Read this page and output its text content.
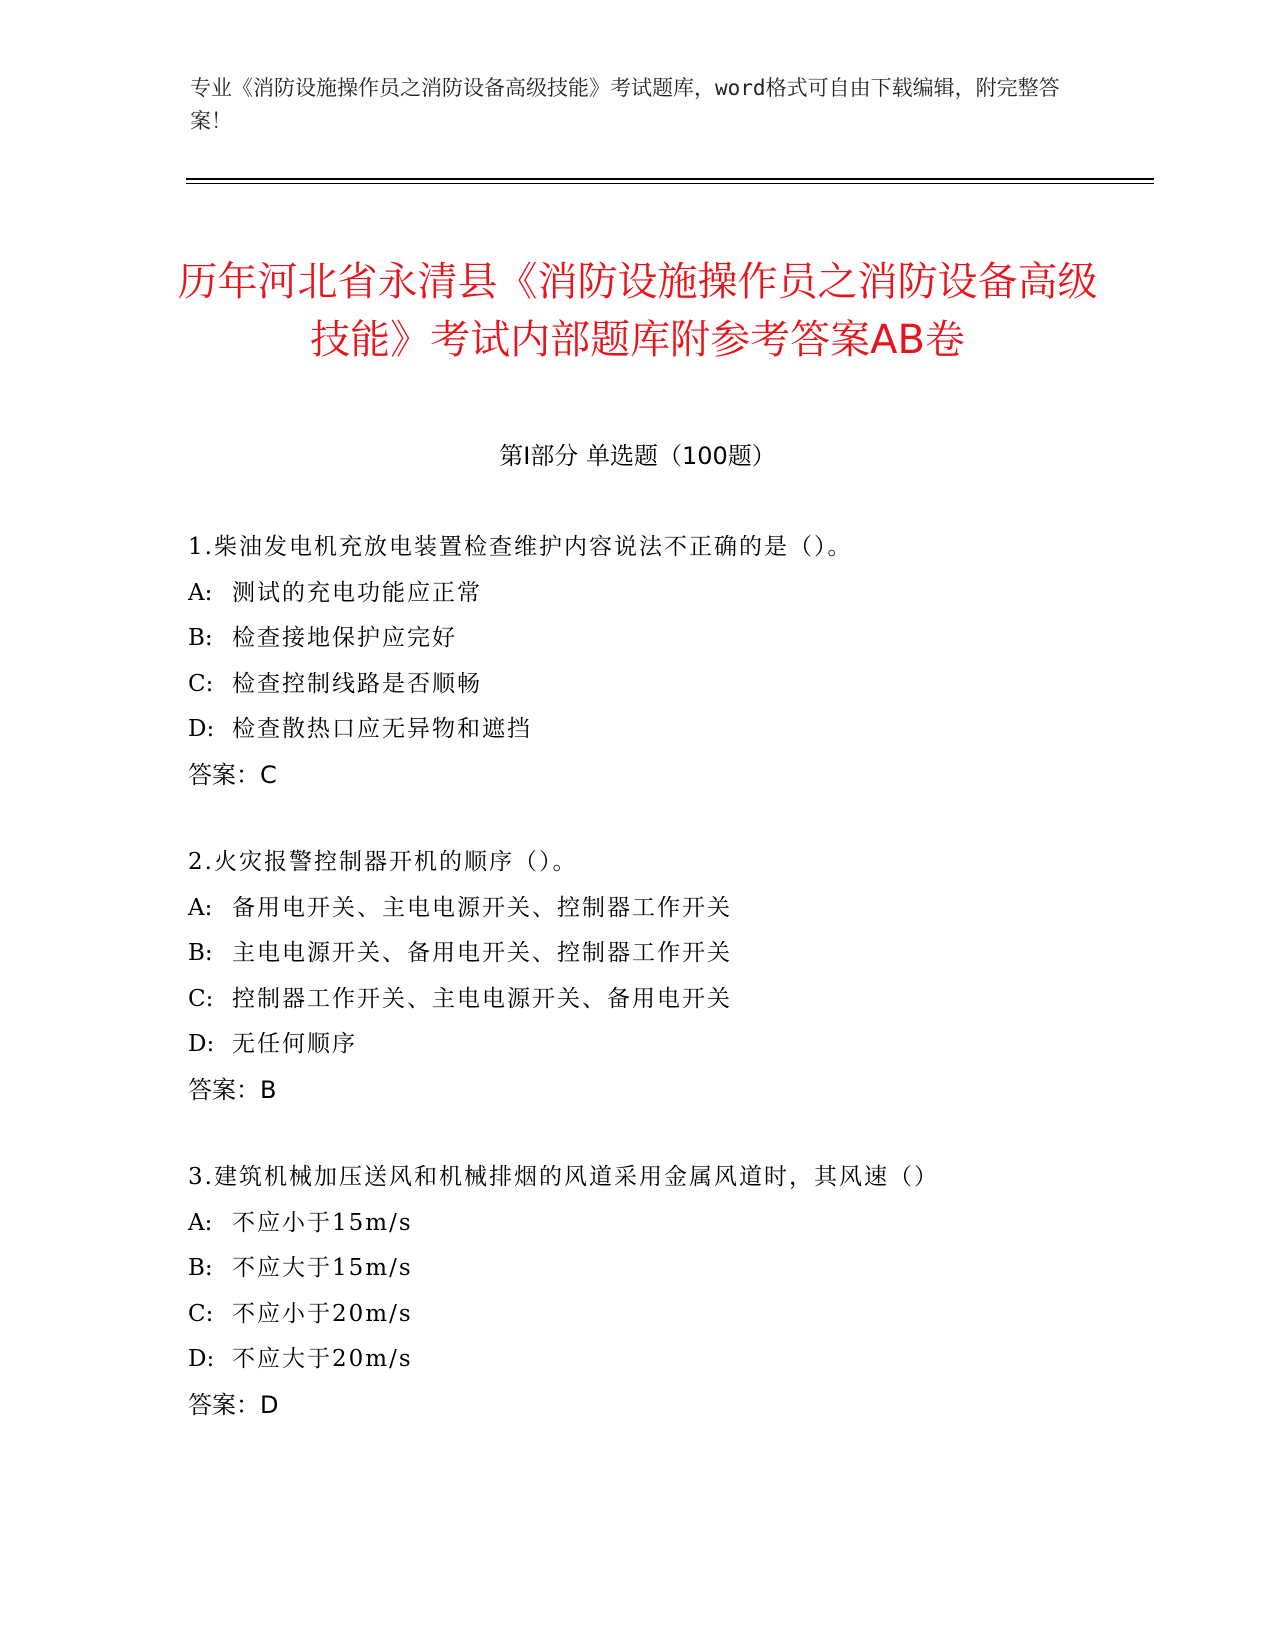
专业《消防设施操作员之消防设备高级技能》考试题库，word格式可自由下载编辑，附完整答案！
历年河北省永清县《消防设施操作员之消防设备高级技能》考试内部题库附参考答案AB卷
第I部分 单选题（100题）
1.柴油发电机充放电装置检查维护内容说法不正确的是（）。
A: 测试的充电功能应正常
B: 检查接地保护应完好
C: 检查控制线路是否顺畅
D: 检查散热口应无异物和遮挡
答案：C
2.火灾报警控制器开机的顺序（）。
A: 备用电开关、主电电源开关、控制器工作开关
B: 主电电源开关、备用电开关、控制器工作开关
C: 控制器工作开关、主电电源开关、备用电开关
D: 无任何顺序
答案：B
3.建筑机械加压送风和机械排烟的风道采用金属风道时，其风速（）
A: 不应小于15m/s
B: 不应大于15m/s
C: 不应小于20m/s
D: 不应大于20m/s
答案：D
